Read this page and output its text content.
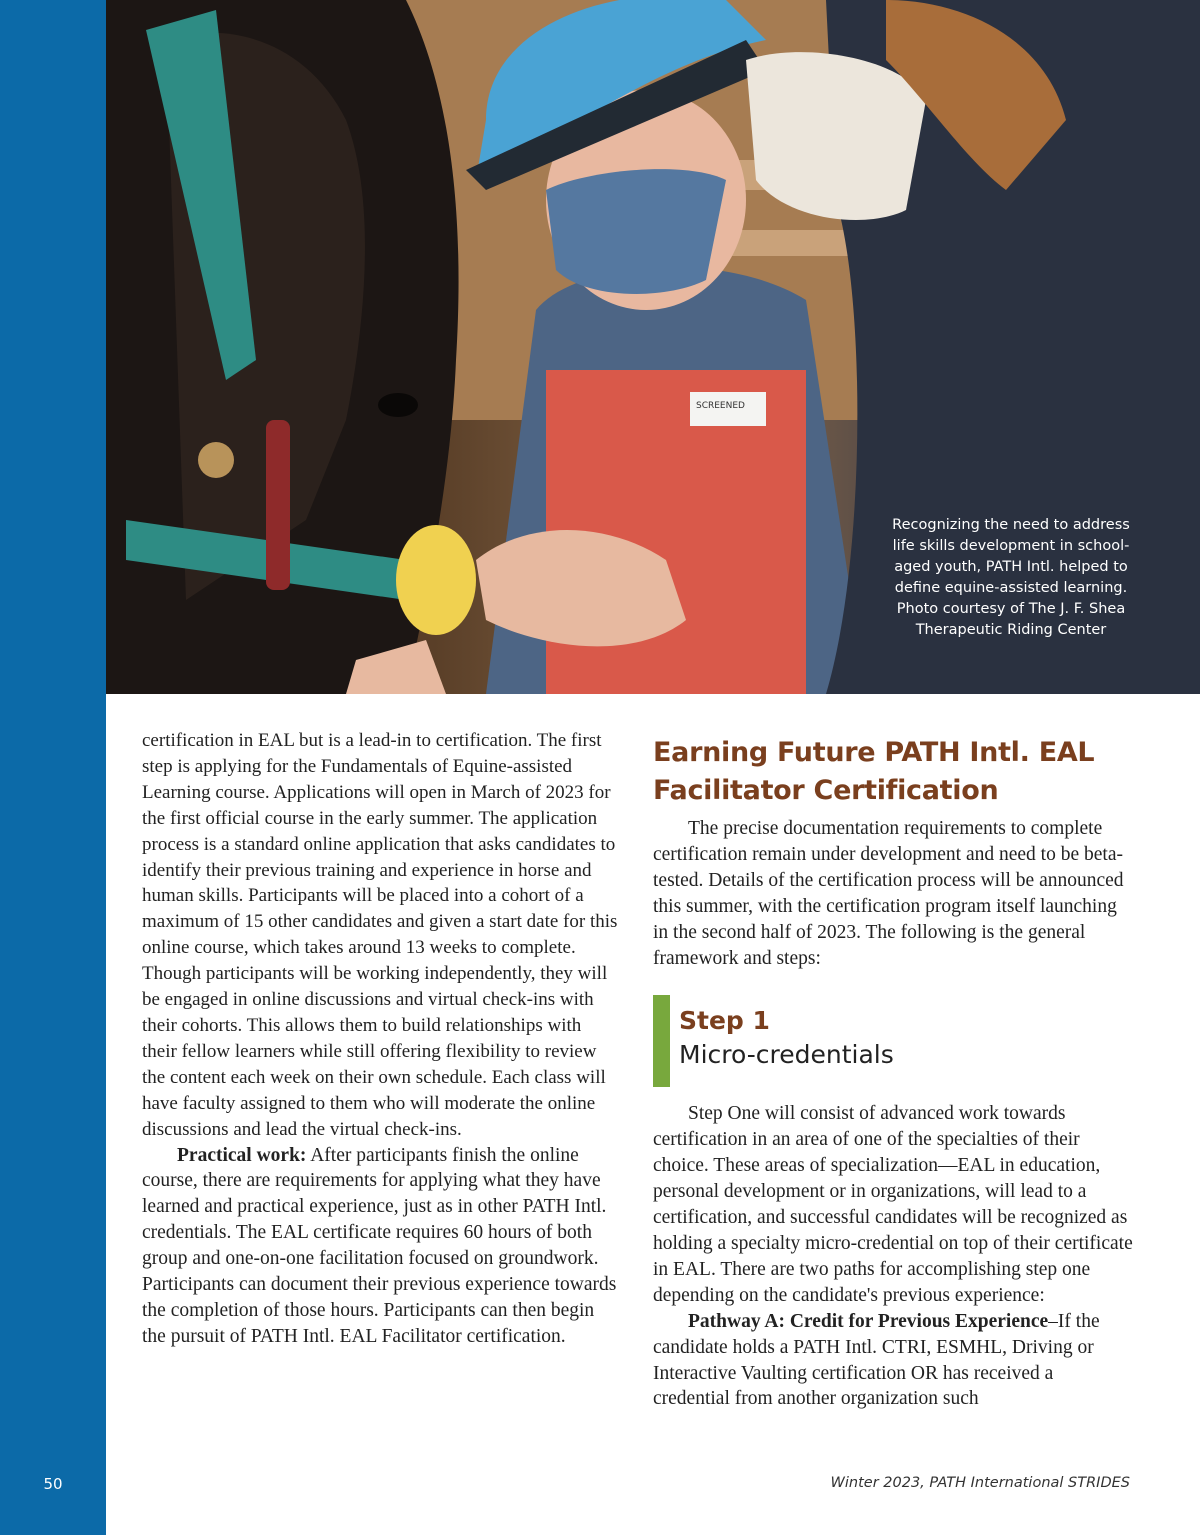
50
SCREENED

Recognizing the need to address

life skills development in school-

aged youth, PATH Intl. helped to

define equine-assisted learning.

Photo courtesy of The J. F. Shea

Therapeutic Riding Center

certification in EAL but is a lead-in to certification. The first step is applying for the Fundamentals of Equine-assisted Learning course. Applications will open in March of 2023 for the first official course in the early summer. The application process is a standard online application that asks candidates to identify their previous training and experience in horse and human skills. Participants will be placed into a cohort of a maximum of 15 other candidates and given a start date for this online course, which takes around 13 weeks to complete. Though participants will be working independently, they will be engaged in online discussions and virtual check-ins with their cohorts. This allows them to build relationships with their fellow learners while still offering flexibility to review the content each week on their own schedule. Each class will have faculty assigned to them who will moderate the online discussions and lead the virtual check-ins.

Practical work: After participants finish the online course, there are requirements for applying what they have learned and practical experience, just as in other PATH Intl. credentials. The EAL certificate requires 60 hours of both group and one-on-one facilitation focused on groundwork. Participants can document their previous experience towards the completion of those hours. Participants can then begin the pursuit of PATH Intl. EAL Facilitator certification.

Earning Future PATH Intl. EAL Facilitator Certification

The precise documentation requirements to complete certification remain under development and need to be beta-tested. Details of the certification process will be announced this summer, with the certification program itself launching in the second half of 2023. The following is the general framework and steps:

Step 1
Micro-credentials

Step One will consist of advanced work towards certification in an area of one of the specialties of their choice. These areas of specialization—EAL in education, personal development or in organizations, will lead to a certification, and successful candidates will be recognized as holding a specialty micro-credential on top of their certificate in EAL. There are two paths for accomplishing step one depending on the candidate's previous experience:

Pathway A: Credit for Previous Experience–If the candidate holds a PATH Intl. CTRI, ESMHL, Driving or Interactive Vaulting certification OR has received a credential from another organization such

Winter 2023, PATH International STRIDES
